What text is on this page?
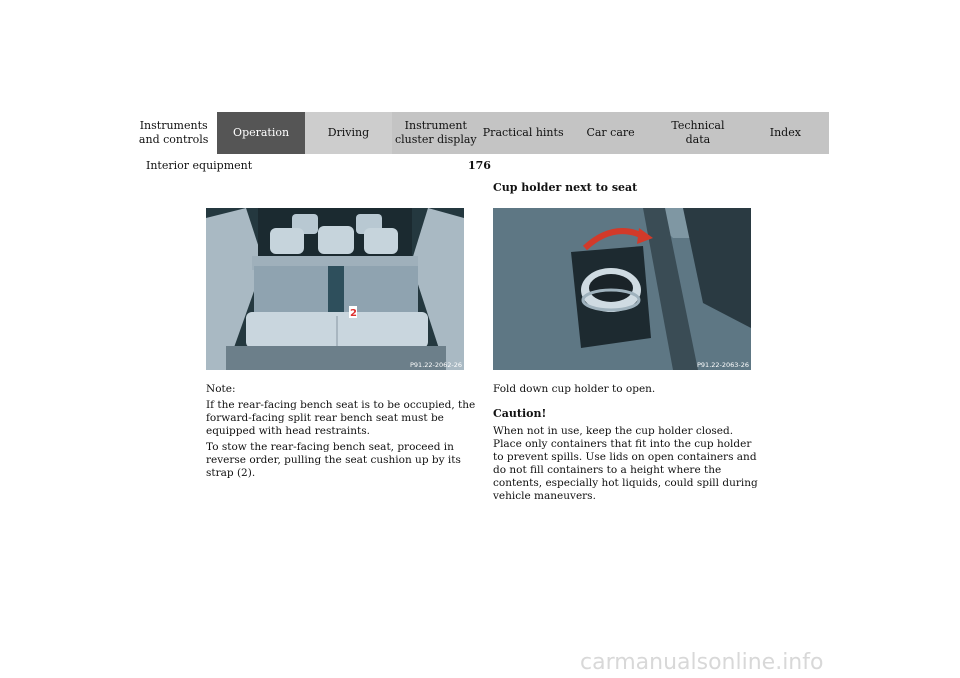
Instruments
and controls
Operation	Driving
Instrument
cluster display
Practical hints	Car care
Technical
data
Index
Interior equipment	176
2
P91.22-2062-26	P91.22-2063-26
Cup holder next to seat

Note:

If the rear-facing bench seat is to be occupied, the forward-facing split rear bench seat must be equipped with head restraints.

To stow the rear-facing bench seat, proceed in reverse order, pulling the seat cushion up by its strap (2).

Fold down cup holder to open.

Caution!

When not in use, keep the cup holder closed. Place only containers that fit into the cup holder to prevent spills. Use lids on open containers and do not fill containers to a height where the contents, especially hot liquids, could spill during vehicle maneuvers.

carmanualsonline.info
